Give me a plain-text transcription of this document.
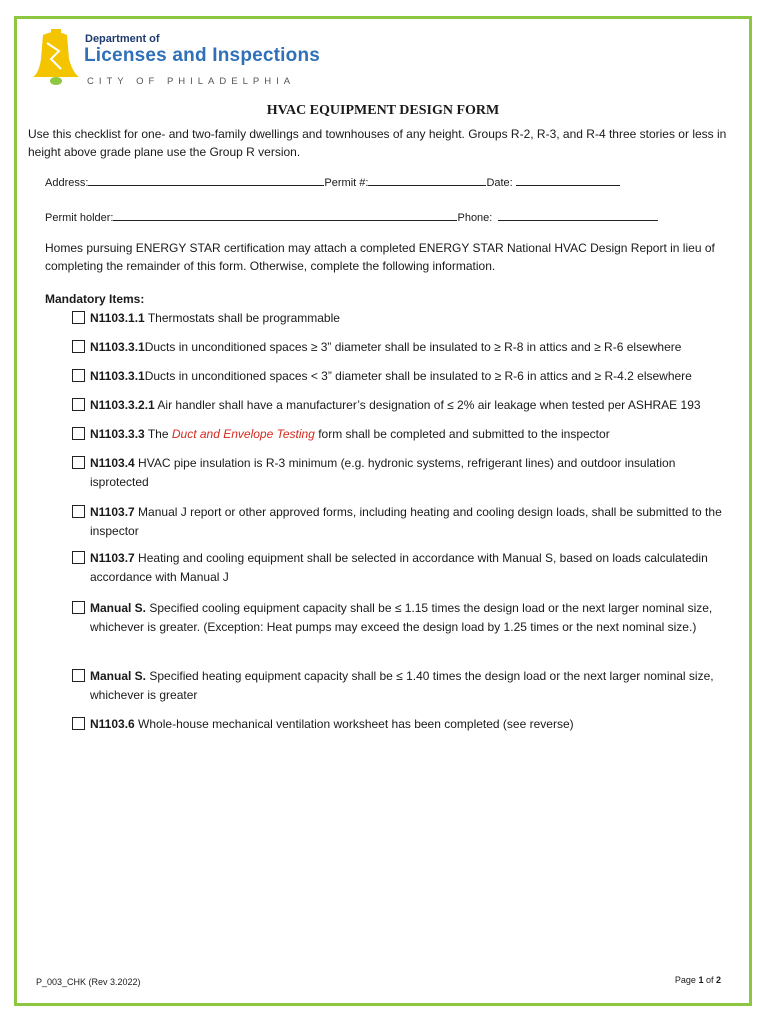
Department of
Licenses and Inspections
CITY OF PHILADELPHIA
HVAC EQUIPMENT DESIGN FORM
Use this checklist for one- and two-family dwellings and townhouses of any height. Groups R-2, R-3, and R-4 three stories or less in height above grade plane use the Group R version.
Address:	Permit #:	Date:
Permit holder:	Phone:
Homes pursuing ENERGY STAR certification may attach a completed ENERGY STAR National HVAC Design Report in lieu of completing the remainder of this form. Otherwise, complete the following information.
Mandatory Items:
N1103.1.1 Thermostats shall be programmable
N1103.3.1Ducts in unconditioned spaces ≥ 3” diameter shall be insulated to ≥ R-8 in attics and ≥ R-6 elsewhere
N1103.3.1Ducts in unconditioned spaces < 3” diameter shall be insulated to ≥ R-6 in attics and ≥ R-4.2 elsewhere
N1103.3.2.1 Air handler shall have a manufacturer’s designation of ≤ 2% air leakage when tested per ASHRAE 193
N1103.3.3 The Duct and Envelope Testing form shall be completed and submitted to the inspector
N1103.4 HVAC pipe insulation is R-3 minimum (e.g. hydronic systems, refrigerant lines) and outdoor insulation isprotected
N1103.7 Manual J report or other approved forms, including heating and cooling design loads, shall be submitted to the inspector
N1103.7 Heating and cooling equipment shall be selected in accordance with Manual S, based on loads calculatedin accordance with Manual J
Manual S. Specified cooling equipment capacity shall be ≤ 1.15 times the design load or the next larger nominal size, whichever is greater. (Exception: Heat pumps may exceed the design load by 1.25 times or the next nominal size.)
Manual S. Specified heating equipment capacity shall be ≤ 1.40 times the design load or the next larger nominal size, whichever is greater
N1103.6 Whole-house mechanical ventilation worksheet has been completed (see reverse)
P_003_CHK (Rev 3.2022)	Page 1 of 2
